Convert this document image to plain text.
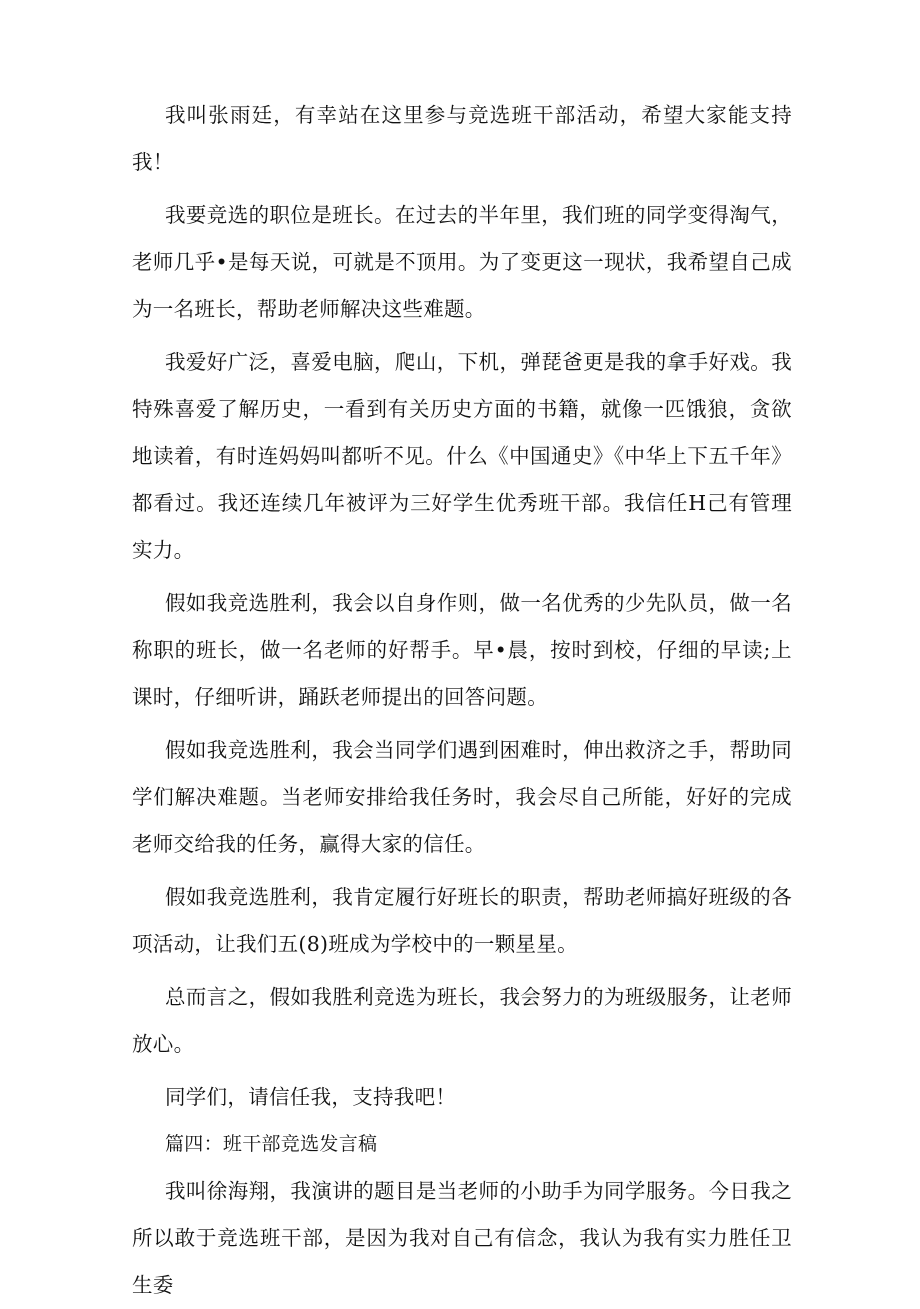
我叫张雨廷，有幸站在这里参与竞选班干部活动，希望大家能支持我！

我要竞选的职位是班长。在过去的半年里，我们班的同学变得淘气，老师几乎•是每天说，可就是不顶用。为了变更这一现状，我希望自己成为一名班长，帮助老师解决这些难题。

我爱好广泛，喜爱电脑，爬山，下机，弹琵爸更是我的拿手好戏。我特殊喜爱了解历史，一看到有关历史方面的书籍，就像一匹饿狼，贪欲地读着，有时连妈妈叫都听不见。什么《中国通史》《中华上下五千年》都看过。我还连续几年被评为三好学生优秀班干部。我信任H己有管理实力。

假如我竞选胜利，我会以自身作则，做一名优秀的少先队员，做一名称职的班长，做一名老师的好帮手。早•晨，按时到校，仔细的早读;上课时，仔细听讲，踊跃老师提出的回答问题。

假如我竞选胜利，我会当同学们遇到困难时，伸出救济之手，帮助同学们解决难题。当老师安排给我任务时，我会尽自己所能，好好的完成老师交给我的任务，赢得大家的信任。

假如我竞选胜利，我肯定履行好班长的职责，帮助老师搞好班级的各项活动，让我们五(8)班成为学校中的一颗星星。

总而言之，假如我胜利竞选为班长，我会努力的为班级服务，让老师放心。

同学们，请信任我，支持我吧！

篇四：班干部竞选发言稿

我叫徐海翔，我演讲的题目是当老师的小助手为同学服务。今日我之所以敢于竞选班干部，是因为我对自己有信念，我认为我有实力胜任卫生委
